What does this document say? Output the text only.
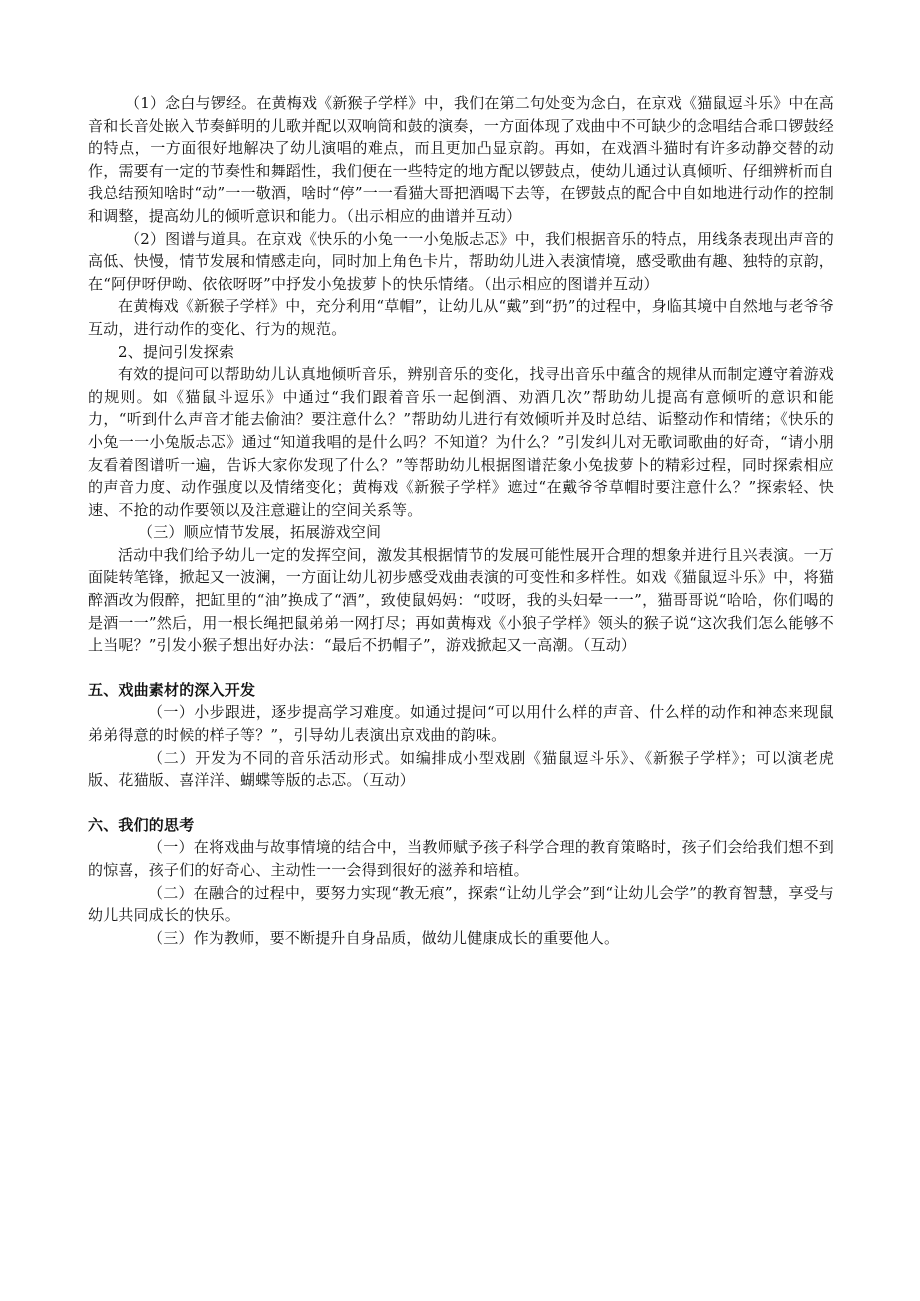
（1）念白与锣经。在黄梅戏《新猴子学样》中，我们在第二句处变为念白，在京戏《猫鼠逗斗乐》中在高音和长音处嵌入节奏鲜明的儿歌并配以双响筒和鼓的演奏，一方面体现了戏曲中不可缺少的念唱结合乖口锣鼓经的特点，一方面很好地解决了幼儿演唱的难点，而且更加凸显京韵。再如，在戏酒斗猫时有许多动静交替的动作，需要有一定的节奏性和舞蹈性，我们便在一些特定的地方配以锣鼓点，使幼儿通过认真倾听、仔细辨析而自我总结预知啥时“动”一一敬酒，啥时“停”一一看猫大哥把酒喝下去等，在锣鼓点的配合中自如地进行动作的控制和调整，提高幼儿的倾听意识和能力。（出示相应的曲谱并互动）

（2）图谱与道具。在京戏《快乐的小兔一一小兔版忐忑》中，我们根据音乐的特点，用线条表现出声音的高低、快慢，情节发展和情感走向，同时加上角色卡片，帮助幼儿进入表演情境，感受歌曲有趣、独特的京韵，在“阿伊呀伊呦、依依呀呀”中抒发小兔拔萝卜的快乐情绪。（出示相应的图谱并互动）

在黄梅戏《新猴子学样》中，充分利用“草帽”，让幼儿从“戴”到“扔”的过程中，身临其境中自然地与老爷爷互动，进行动作的变化、行为的规范。

2、提问引发探索

有效的提问可以帮助幼儿认真地倾听音乐，辨别音乐的变化，找寻出音乐中蕴含的规律从而制定遵守着游戏的规则。如《猫鼠斗逗乐》中通过“我们跟着音乐一起倒酒、劝酒几次”帮助幼儿提高有意倾听的意识和能力，“听到什么声音才能去偷油？要注意什么？”帮助幼儿进行有效倾听并及时总结、诟整动作和情绪；《快乐的小兔一一小兔版忐忑》通过“知道我唱的是什么吗？不知道？为什么？”引发纠儿对无歌词歌曲的好奇，“请小朋友看着图谱听一遍，告诉大家你发现了什么？”等帮助幼儿根据图谱茫象小兔拔萝卜的精彩过程，同时探索相应的声音力度、动作强度以及情绪变化；黄梅戏《新猴子学样》遮过“在戴爷爷草帽时要注意什么？”探索轻、快速、不抢的动作要领以及注意避让的空间关系等。

（三）顺应情节发展，拓展游戏空间

活动中我们给予幼儿一定的发挥空间，激发其根据情节的发展可能性展开合理的想象并进行且兴表演。一万面陡转笔锋，掀起又一波澜，一方面让幼儿初步感受戏曲表演的可变性和多样性。如戏《猫鼠逗斗乐》中，将猫醉酒改为假醉，把缸里的“油”换成了“酒”，致使鼠妈妈：“哎呀，我的头妇晕一一”，猫哥哥说“哈哈，你们喝的是酒一一”然后，用一根长绳把鼠弟弟一网打尽；再如黄梅戏《小狼子学样》领头的猴子说“这次我们怎么能够不上当呢？”引发小猴子想出好办法：“最后不扔帽子”，游戏掀起又一高潮。（互动）

五、戏曲素材的深入开发

（一）小步跟进，逐步提高学习难度。如通过提问“可以用什么样的声音、什么样的动作和神态来现鼠弟弟得意的时候的样子等？”，引导幼儿表演出京戏曲的韵味。

（二）开发为不同的音乐活动形式。如编排成小型戏剧《猫鼠逗斗乐》、《新猴子学样》；可以演老虎版、花猫版、喜洋洋、蝴蝶等版的忐忑。（互动）

六、我们的思考

（一）在将戏曲与故事情境的结合中，当教师赋予孩子科学合理的教育策略时，孩子们会给我们想不到的惊喜，孩子们的好奇心、主动性一一会得到很好的滋养和培植。

（二）在融合的过程中，要努力实现“教无痕”，探索“让幼儿学会”到“让幼儿会学”的教育智慧，享受与幼儿共同成长的快乐。

（三）作为教师，要不断提升自身品质，做幼儿健康成长的重要他人。
